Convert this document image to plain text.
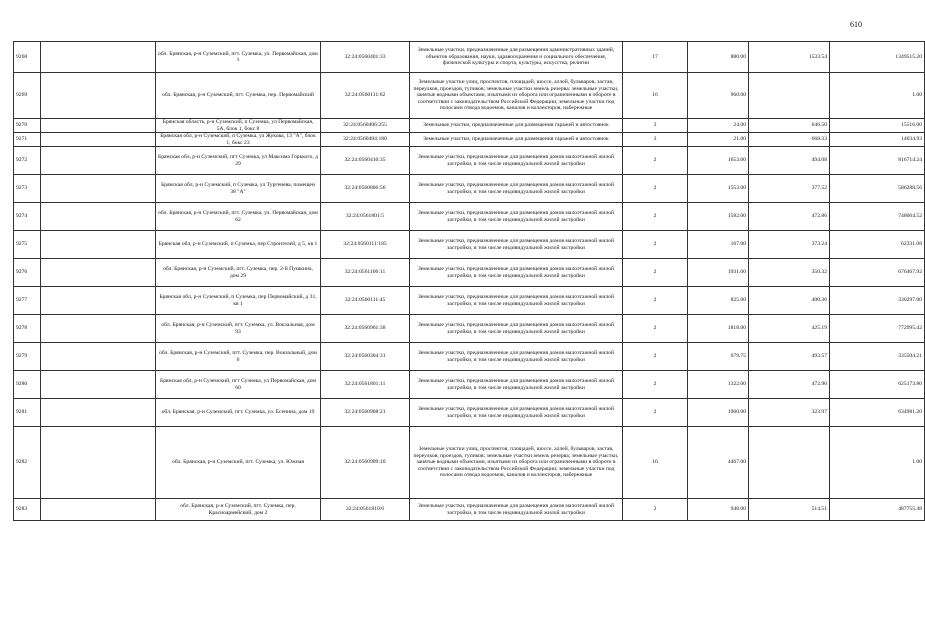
610
9268		обл. Брянская, р-н Суземский, пгт. Суземка, ул. Первомайская, дом 1	32:24:0560401:33	Земельные участки, предназначенные для размещения административных зданий, объектов образования, науки, здравоохранения и социального обеспечения, физической культуры и спорта, культуры, искусства, религии	17	880.00	1533.54	1349515.20
9269		обл. Брянская, р-н Суземский, пгт. Суземка, пер. Первомайский	32:24:0560111:62	Земельные участки улиц, проспектов, площадей, шоссе, аллей, бульваров, застав, переулков, проездов, тупиков; земельные участки земель резерва; земельные участки, занятые водными объектами, изъятыми из оборота или ограниченными в обороте в соответствии с законодательством Российской Федерации; земельные участки под полосами отвода водоемов, каналов и коллекторов, набережные	16	960.00		1.00
9270		Брянская область, р-н Суземский, п Суземка, ул Первомайская, 5А, блок 1, бокс 8	32:24:0560406:255	Земельные участки, предназначенные для размещения гаражей и автостоянок	3	24.00	646.50	15516.00
9271		Брянская обл, р-н Суземский, п Суземка, ул Жукова, 13 "А", блок 1, бокс 23	32:24:0560404:180	Земельные участки, предназначенные для размещения гаражей и автостоянок	3	21.00	668.33	14034.93
9272		Брянская обл, р-н Суземский, пгт Суземка, ул Максима Горького, д 29	32:24:0560410:35	Земельные участки, предназначенные для размещения домов малоэтажной жилой застройки, в том числе индивидуальной жилой застройки	2	1653.00	494.08	816714.24
9273		Брянская обл, р-н Суземский, п Суземка, ул Тургенева, помещен 38 "А"	32:24:0560806:56	Земельные участки, предназначенные для размещения домов малоэтажной жилой застройки, в том числе индивидуальной жилой застройки	2	1553.00	377.52	586288.56
9274		обл. Брянская, р-н Суземский, пгт. Суземка, ул. Первомайская, дом 62	32:24:0561801:5	Земельные участки, предназначенные для размещения домов малоэтажной жилой застройки, в том числе индивидуальной жилой застройки	2	1582.00	472.86	748064.52
9275		Брянская обл, р-н Суземский, п Суземка, пер Строителей, д 5, кв 1	32:24:0560111:185	Земельные участки, предназначенные для размещения домов малоэтажной жилой застройки, в том числе индивидуальной жилой застройки	2	167.00	373.24	62331.08
9276		обл. Брянская, р-н Суземский, пгт. Суземка, пер. 2-й Пушкина, дом 29	32:24:0561106:11	Земельные участки, предназначенные для размещения домов малоэтажной жилой застройки, в том числе индивидуальной жилой застройки	2	1931.00	350.32	676467.92
9277		Брянская обл, р-н Суземский, п Суземка, пер Первомайский, д 31, кв 1	32:24:0560111:45	Земельные участки, предназначенные для размещения домов малоэтажной жилой застройки, в том числе индивидуальной жилой застройки	2	825.00	400.36	330297.00
9278		обл. Брянская, р-н Суземский, пгт. Суземка, ул. Вокзальная, дом 93	32:24:0560901:38	Земельные участки, предназначенные для размещения домов малоэтажной жилой застройки, в том числе индивидуальной жилой застройки	2	1818.00	425.19	772995.42
9279		обл. Брянская, р-н Суземский, пгт. Суземка, пер. Вокзальный, дом 6	32:24:0560304:31	Земельные участки, предназначенные для размещения домов малоэтажной жилой застройки, в том числе индивидуальной жилой застройки	2	679.75	493.57	335504.21
9280		Брянская обл, р-н Суземский, пгт Суземка, ул Первомайская, дом 60	32:24:0561801:11	Земельные участки, предназначенные для размещения домов малоэтажной жилой застройки, в том числе индивидуальной жилой застройки	2	1322.00	472.90	625173.80
9281		обл. Брянская, р-н Суземский, пгт. Суземка, ул. Есенина, дом 19	32:24:0560908:21	Земельные участки, предназначенные для размещения домов малоэтажной жилой застройки, в том числе индивидуальной жилой застройки	2	1960.00	323.97	634981.20
9282		обл. Брянская, р-н Суземский, пгт. Суземка, ул. Южная	32:24:0560909:10	Земельные участки улиц, проспектов, площадей, шоссе, аллей, бульваров, застав, переулков, проездов, тупиков; земельные участки земель резерва; земельные участки, занятые водными объектами, изъятыми из оборота или ограниченными в обороте в соответствии с законодательством Российской Федерации; земельные участки под полосами отвода водоемов, каналов и коллекторов, набережные	16	4467.00		1.00
9283		обл. Брянская, р-н Суземский, пгт. Суземка, пер. Красноармейский, дом 2	32:24:0561810:6	Земельные участки, предназначенные для размещения домов малоэтажной жилой застройки, в том числе индивидуальной жилой застройки	2	948.00	514.51	487755.48
